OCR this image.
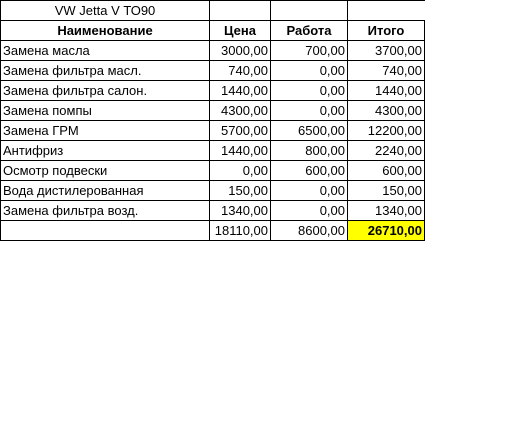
VW Jetta V ТО90			
Наименование	Цена	Работа	Итого
Замена масла	3000,00	700,00	3700,00
Замена фильтра масл.	740,00	0,00	740,00
Замена фильтра салон.	1440,00	0,00	1440,00
Замена помпы	4300,00	0,00	4300,00
Замена ГРМ	5700,00	6500,00	12200,00
Антифриз	1440,00	800,00	2240,00
Осмотр подвески	0,00	600,00	600,00
Вода дистилерованная	150,00	0,00	150,00
Замена фильтра возд.	1340,00	0,00	1340,00
	18110,00	8600,00	26710,00
